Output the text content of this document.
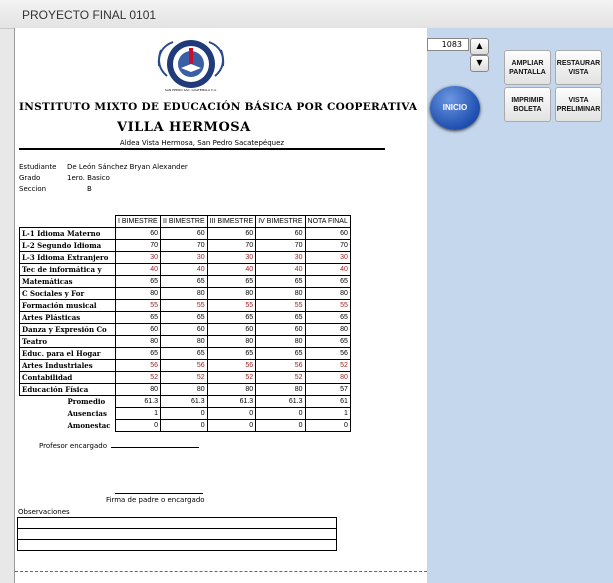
PROYECTO FINAL 0101
SAN PEDRO SAC. GUATEMALA C.A.
INSTITUTO MIXTO DE EDUCACIÓN BÁSICA POR COOPERATIVA
VILLA HERMOSA
Aldea Vista Hermosa, San Pedro Sacatepéquez
Estudiante De León Sánchez Bryan Alexander
Grado	1ero. Basico
Seccion	B
	I BIMESTRE	II BIMESTRE	III BIMESTRE	IV BIMESTRE	NOTA FINAL
L-1 Idioma Materno	60	60	60	60	60
L-2 Segundo Idioma	70	70	70	70	70
L-3 Idioma Extranjero	30	30	30	30	30
Tec de informática y	40	40	40	40	40
Matemáticas	65	65	65	65	65
C Sociales y For	80	80	80	80	80
Formación musical	55	55	55	55	55
Artes Plásticas	65	65	65	65	65
Danza y Expresión Co	60	60	60	60	80
Teatro	80	80	80	80	65
Educ. para el Hogar	65	65	65	65	56
Artes Industriales	56	56	56	56	52
Contabilidad	52	52	52	52	80
Educación Física	80	80	80	80	57
Promedio	61.3	61.3	61.3	61.3	61
Ausencias	1	0	0	0	1
Amonestac	0	0	0	0	0
Profesor encargado
Firma de padre o encargado
Observaciones
1083	▲
▼
INICIO
AMPLIAR PANTALLA
RESTAURAR VISTA
IMPRIMIR BOLETA
VISTA PRELIMINAR
